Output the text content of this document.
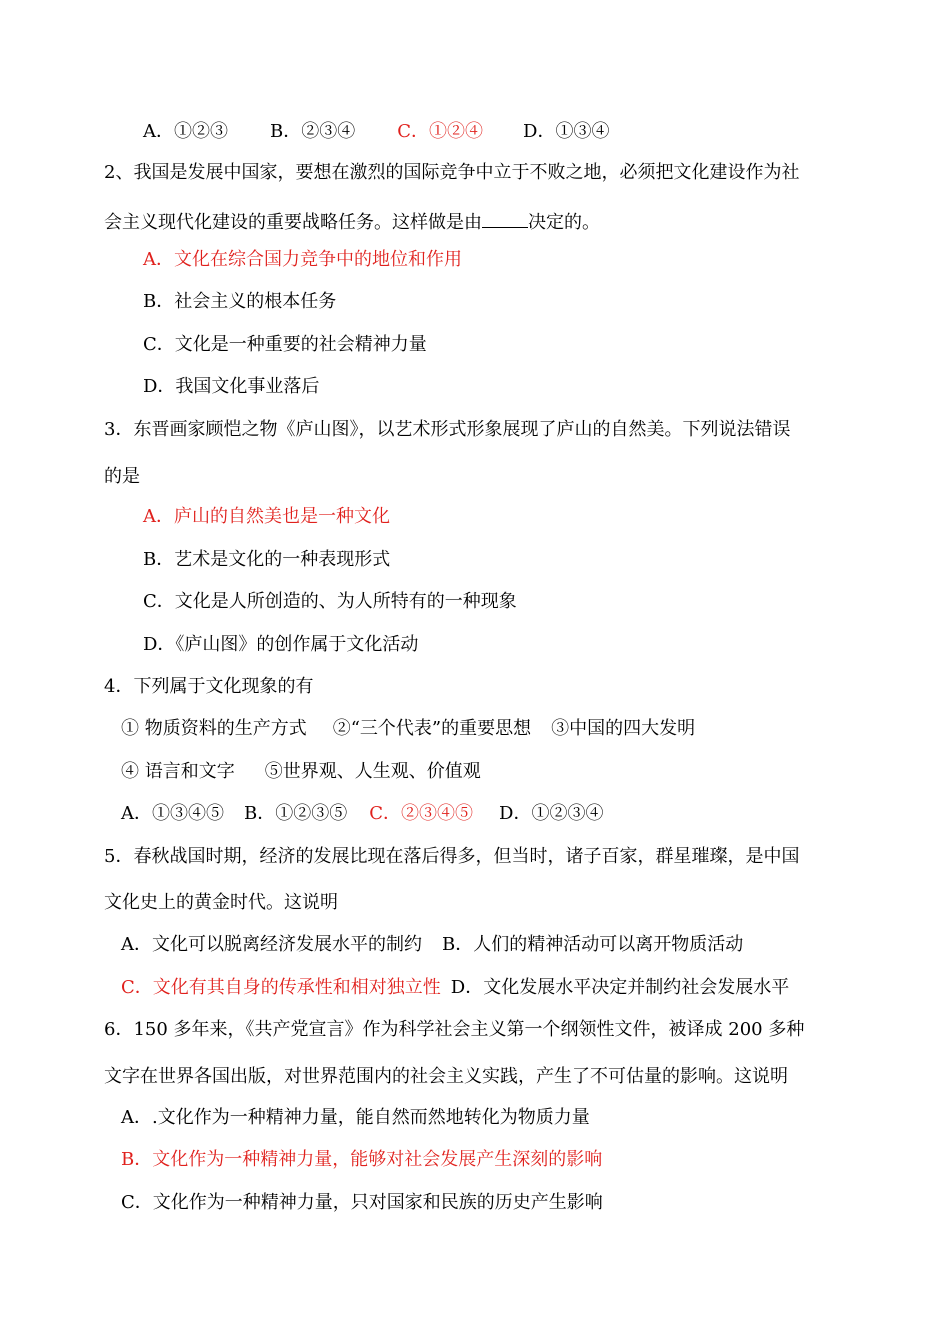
A．①②③ B．②③④ C．①②④ D．①③④
2、我国是发展中国家，要想在激烈的国际竞争中立于不败之地，必须把文化建设作为社
会主义现代化建设的重要战略任务。这样做是由	决定的。
A．文化在综合国力竞争中的地位和作用
B．社会主义的根本任务
C．文化是一种重要的社会精神力量
D．我国文化事业落后
3．东晋画家顾恺之物《庐山图》，以艺术形式形象展现了庐山的自然美。下列说法错误
的是
A．庐山的自然美也是一种文化
B．艺术是文化的一种表现形式
C．文化是人所创造的、为人所特有的一种现象
D．《庐山图》的创作属于文化活动
4．下列属于文化现象的有
① 物质资料的生产方式 ②“三个代表”的重要思想 ③中国的四大发明
④ 语言和文字 ⑤世界观、人生观、价值观
A．①③④⑤ B．①②③⑤ C．②③④⑤ D．①②③④
5．春秋战国时期，经济的发展比现在落后得多，但当时，诸子百家，群星璀璨，是中国
文化史上的黄金时代。这说明
A．文化可以脱离经济发展水平的制约 B．人们的精神活动可以离开物质活动
C．文化有其自身的传承性和相对独立性 D．文化发展水平决定并制约社会发展水平
6．150 多年来，《共产党宣言》作为科学社会主义第一个纲领性文件，被译成 200 多种
文字在世界各国出版，对世界范围内的社会主义实践，产生了不可估量的影响。这说明
A．.文化作为一种精神力量，能自然而然地转化为物质力量
B．文化作为一种精神力量，能够对社会发展产生深刻的影响
C．文化作为一种精神力量，只对国家和民族的历史产生影响
